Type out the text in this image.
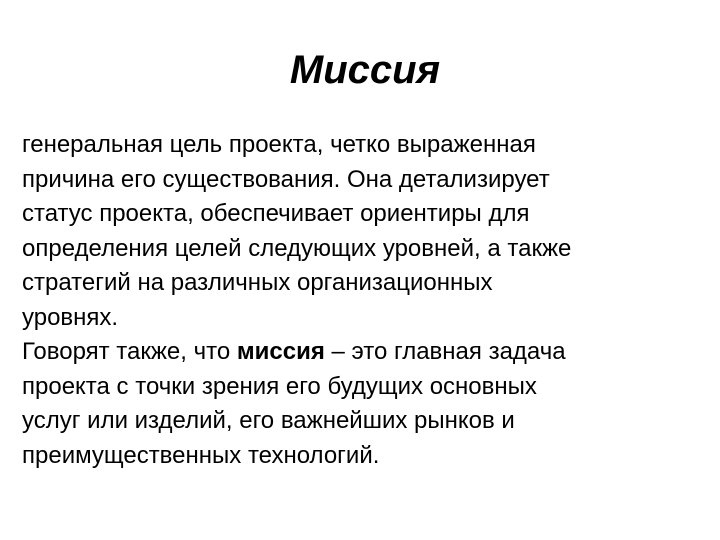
Миссия

генеральная цель проекта, четко выраженная
причина его существования. Она детализирует
статус проекта, обеспечивает ориентиры для
определения целей следующих уровней, а также
стратегий на различных организационных
уровнях.

Говорят также, что миссия – это главная задача
проекта с точки зрения его будущих основных
услуг или изделий, его важнейших рынков и
преимущественных технологий.
